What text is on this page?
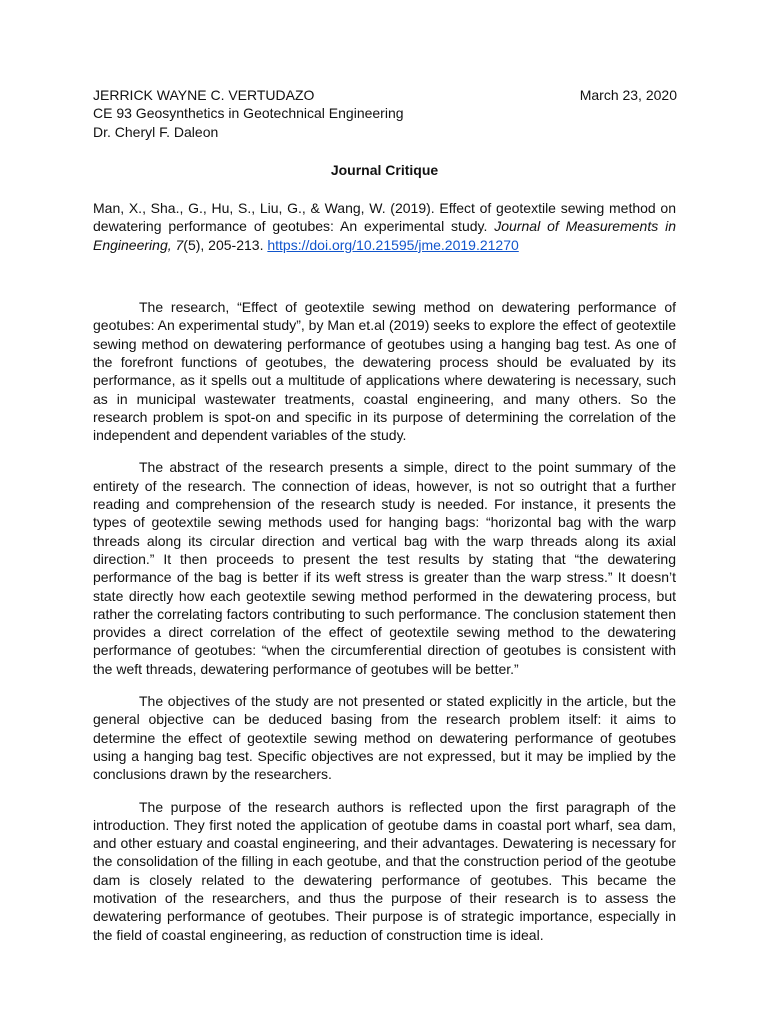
JERRICK WAYNE C. VERTUDAZO	March 23, 2020
CE 93 Geosynthetics in Geotechnical Engineering
Dr. Cheryl F. Daleon
Journal Critique
Man, X., Sha., G., Hu, S., Liu, G., & Wang, W. (2019). Effect of geotextile sewing method on dewatering performance of geotubes: An experimental study. Journal of Measurements in Engineering, 7(5), 205-213. https://doi.org/10.21595/jme.2019.21270

The research, “Effect of geotextile sewing method on dewatering performance of geotubes: An experimental study”, by Man et.al (2019) seeks to explore the effect of geotextile sewing method on dewatering performance of geotubes using a hanging bag test. As one of the forefront functions of geotubes, the dewatering process should be evaluated by its performance, as it spells out a multitude of applications where dewatering is necessary, such as in municipal wastewater treatments, coastal engineering, and many others. So the research problem is spot-on and specific in its purpose of determining the correlation of the independent and dependent variables of the study.

The abstract of the research presents a simple, direct to the point summary of the entirety of the research. The connection of ideas, however, is not so outright that a further reading and comprehension of the research study is needed. For instance, it presents the types of geotextile sewing methods used for hanging bags: “horizontal bag with the warp threads along its circular direction and vertical bag with the warp threads along its axial direction.” It then proceeds to present the test results by stating that “the dewatering performance of the bag is better if its weft stress is greater than the warp stress.” It doesn’t state directly how each geotextile sewing method performed in the dewatering process, but rather the correlating factors contributing to such performance. The conclusion statement then provides a direct correlation of the effect of geotextile sewing method to the dewatering performance of geotubes: “when the circumferential direction of geotubes is consistent with the weft threads, dewatering performance of geotubes will be better.”

The objectives of the study are not presented or stated explicitly in the article, but the general objective can be deduced basing from the research problem itself: it aims to determine the effect of geotextile sewing method on dewatering performance of geotubes using a hanging bag test. Specific objectives are not expressed, but it may be implied by the conclusions drawn by the researchers.

The purpose of the research authors is reflected upon the first paragraph of the introduction. They first noted the application of geotube dams in coastal port wharf, sea dam, and other estuary and coastal engineering, and their advantages. Dewatering is necessary for the consolidation of the filling in each geotube, and that the construction period of the geotube dam is closely related to the dewatering performance of geotubes. This became the motivation of the researchers, and thus the purpose of their research is to assess the dewatering performance of geotubes. Their purpose is of strategic importance, especially in the field of coastal engineering, as reduction of construction time is ideal.
